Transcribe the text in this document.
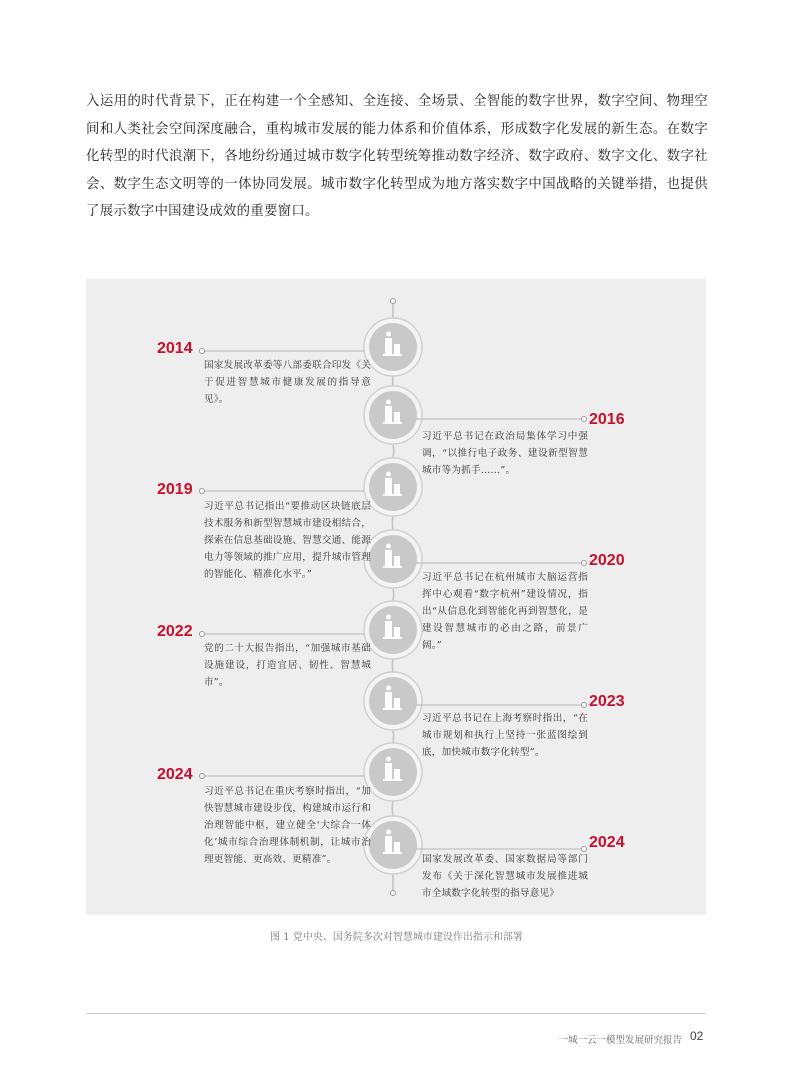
入运用的时代背景下，正在构建一个全感知、全连接、全场景、全智能的数字世界，数字空间、物理空间和人类社会空间深度融合，重构城市发展的能力体系和价值体系，形成数字化发展的新生态。在数字化转型的时代浪潮下，各地纷纷通过城市数字化转型统筹推动数字经济、数字政府、数字文化、数字社会、数字生态文明等的一体协同发展。城市数字化转型成为地方落实数字中国战略的关键举措，也提供了展示数字中国建设成效的重要窗口。
2014
国家发展改革委等八部委联合印发《关于促进智慧城市健康发展的指导意见》。
2016
习近平总书记在政治局集体学习中强调，“以推行电子政务、建设新型智慧城市等为抓手……”。
2019
习近平总书记指出“要推动区块链底层技术服务和新型智慧城市建设相结合，探索在信息基础设施、智慧交通、能源电力等领域的推广应用，提升城市管理的智能化、精准化水平。”
2020
习近平总书记在杭州城市大脑运营指挥中心观看“数字杭州”建设情况，指出“从信息化到智能化再到智慧化，是建设智慧城市的必由之路，前景广阔。”
2022
党的二十大报告指出，“加强城市基础设施建设，打造宜居、韧性、智慧城市”。
2023
习近平总书记在上海考察时指出，“在城市规划和执行上坚持一张蓝图绘到底，加快城市数字化转型”。
2024
习近平总书记在重庆考察时指出，“加快智慧城市建设步伐，构建城市运行和治理智能中枢，建立健全‘大综合一体化’城市综合治理体制机制，让城市治理更智能、更高效、更精准”。
2024
国家发展改革委、国家数据局等部门发布《关于深化智慧城市发展推进城市全域数字化转型的指导意见》
图 1 党中央、国务院多次对智慧城市建设作出指示和部署
一城一云一模型发展研究报告 02
